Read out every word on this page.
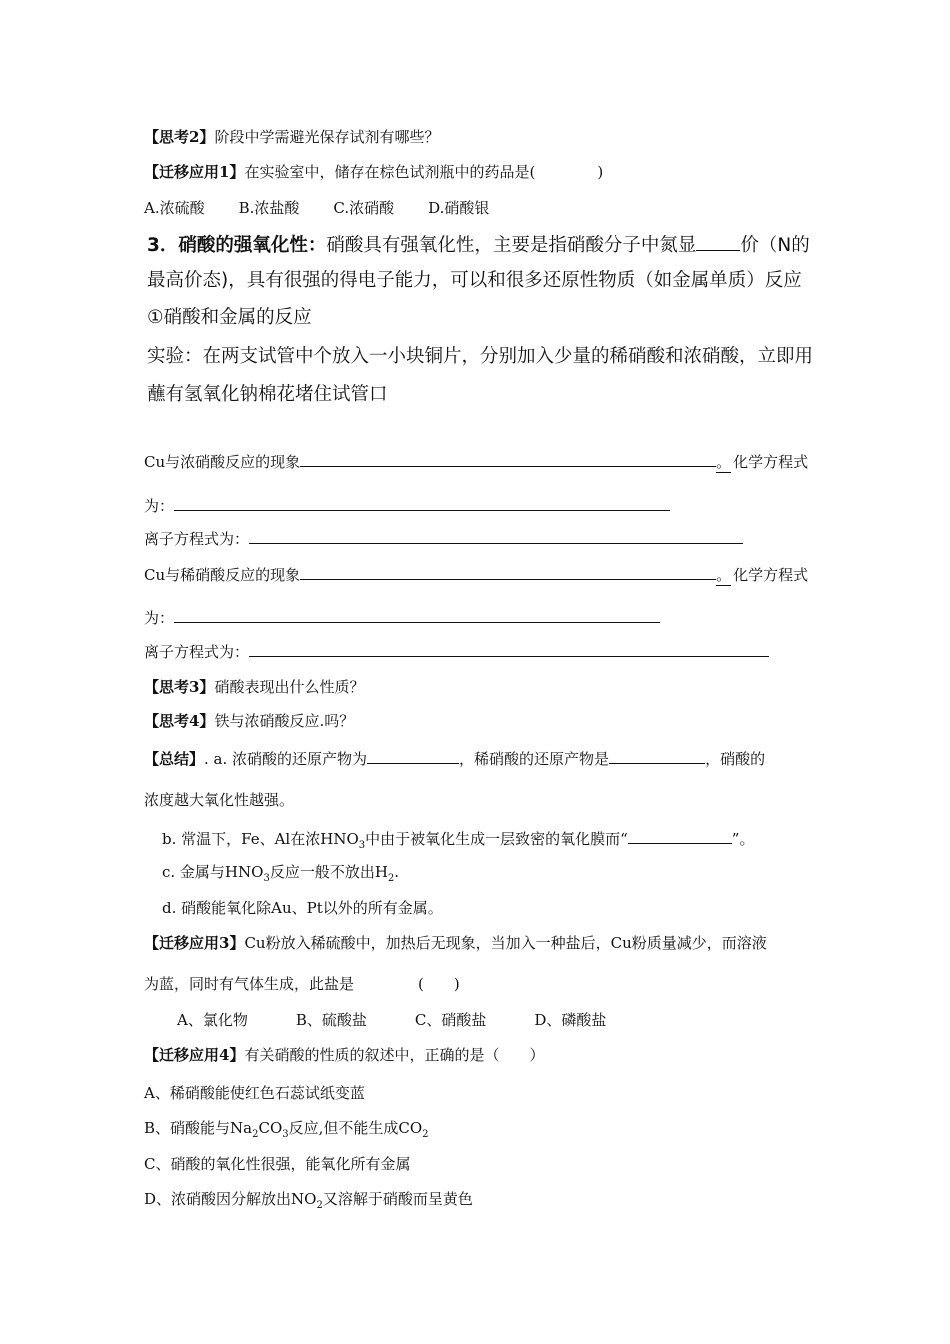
【思考2】阶段中学需避光保存试剂有哪些？
【迁移应用1】在实验室中，储存在棕色试剂瓶中的药品是(	)
A.浓硫酸 B.浓盐酸 C.浓硝酸 D.硝酸银
3．硝酸的强氧化性：硝酸具有强氧化性，主要是指硝酸分子中氮显 价（N的
最高价态)，具有很强的得电子能力，可以和很多还原性物质（如金属单质）反应
①硝酸和金属的反应
实验：在两支试管中个放入一小块铜片，分别加入少量的稀硝酸和浓硝酸，立即用
蘸有氢氧化钠棉花堵住试管口
Cu与浓硝酸反应的现象	。 化学方程式
为：
离子方程式为：
Cu与稀硝酸反应的现象	。 化学方程式
为：
离子方程式为：
【思考3】硝酸表现出什么性质？
【思考4】铁与浓硝酸反应.吗？
【总结】. a. 浓硝酸的还原产物为	，稀硝酸的还原产物是	，硝酸的
浓度越大氧化性越强。
b. 常温下，Fe、Al在浓$HNO_3$中由于被氧化生成一层致密的氧化膜而“	”。
c. 金属与$HNO_3$反应一般不放出$H_2$.
d. 硝酸能氧化除Au、Pt以外的所有金属。
【迁移应用3】Cu粉放入稀硫酸中，加热后无现象，当加入一种盐后，Cu粉质量减少，而溶液
为蓝，同时有气体生成，此盐是	(　　)
A、氯化物	B、硫酸盐	C、硝酸盐	D、磷酸盐
【迁移应用4】有关硝酸的性质的叙述中，正确的是（　　）
A、稀硝酸能使红色石蕊试纸变蓝
B、硝酸能与$Na_2CO_3$反应,但不能生成$CO_2$
C、硝酸的氧化性很强，能氧化所有金属
D、浓硝酸因分解放出$NO_2$又溶解于硝酸而呈黄色
